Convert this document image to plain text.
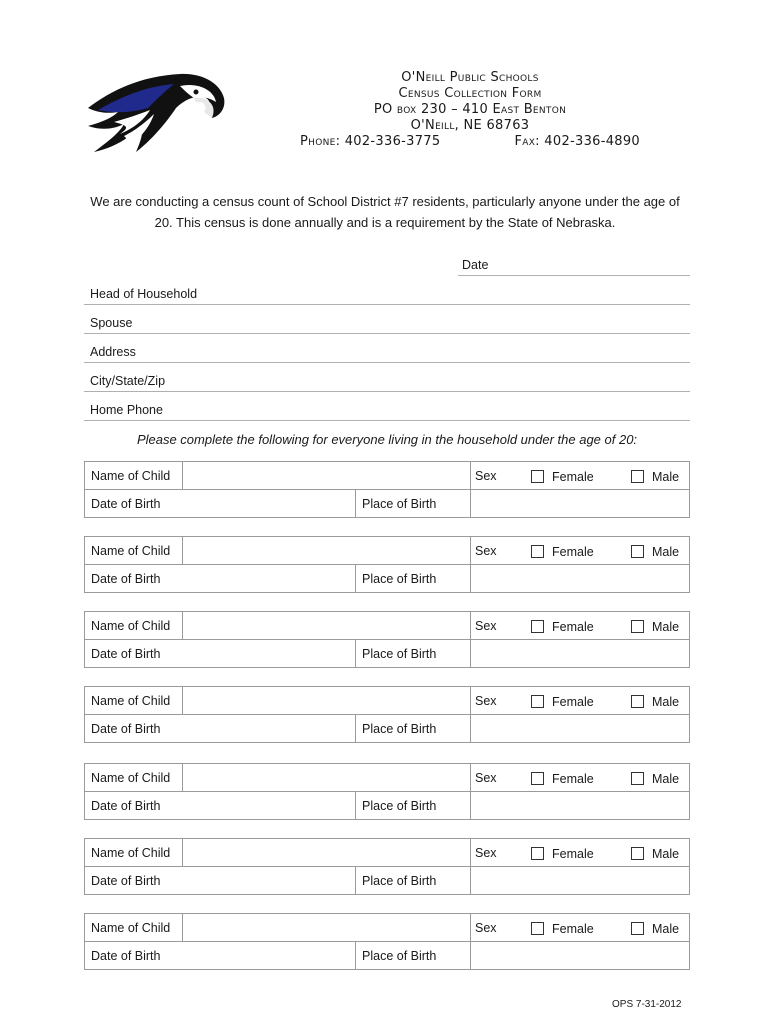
O'Neill Public Schools
Census Collection Form
PO box 230 – 410 East Benton
O'Neill, NE 68763
Phone: 402-336-3775	Fax: 402-336-4890
We are conducting a census count of School District #7 residents, particularly anyone under the age of 20. This census is done annually and is a requirement by the State of Nebraska.
Date
Head of Household
Spouse
Address
City/State/Zip
Home Phone
Please complete the following for everyone living in the household under the age of 20:
Name of Child	Sex	Female	Male
Date of Birth	Place of Birth
Name of Child	Sex	Female	Male
Date of Birth	Place of Birth
Name of Child	Sex	Female	Male
Date of Birth	Place of Birth
Name of Child	Sex	Female	Male
Date of Birth	Place of Birth
Name of Child	Sex	Female	Male
Date of Birth	Place of Birth
Name of Child	Sex	Female	Male
Date of Birth	Place of Birth
Name of Child	Sex	Female	Male
Date of Birth	Place of Birth
OPS 7-31-2012
